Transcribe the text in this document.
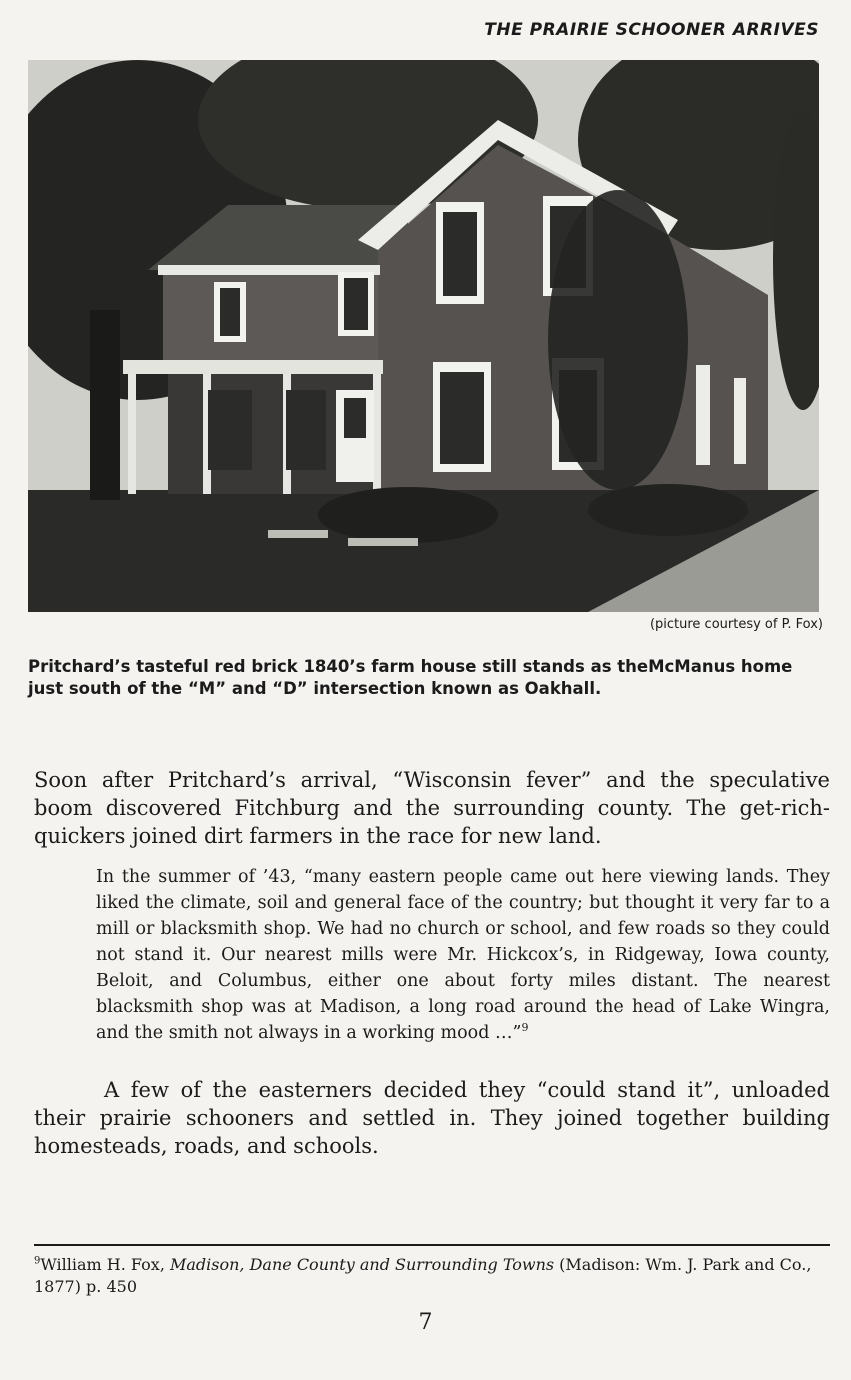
THE PRAIRIE SCHOONER ARRIVES
(picture courtesy of P. Fox)
Pritchard’s tasteful red brick 1840’s farm house still stands as theMcManus home just south of the “M” and “D” intersection known as Oakhall.

Soon after Pritchard’s arrival, “Wisconsin fever” and the speculative boom discovered Fitchburg and the surrounding county. The get-rich-quickers joined dirt farmers in the race for new land.

In the summer of ’43, “many eastern people came out here viewing lands. They liked the climate, soil and general face of the country; but thought it very far to a mill or blacksmith shop. We had no church or school, and few roads so they could not stand it. Our nearest mills were Mr. Hickcox’s, in Ridgeway, Iowa county, Beloit, and Columbus, either one about forty miles distant. The nearest blacksmith shop was at Madison, a long road around the head of Lake Wingra, and the smith not always in a working mood …”$^9$

A few of the easterners decided they “could stand it”, unloaded their prairie schooners and settled in. They joined together building homesteads, roads, and schools.

$^9$William H. Fox, Madison, Dane County and Surrounding Towns (Madison: Wm. J. Park and Co., 1877) p. 450

7
